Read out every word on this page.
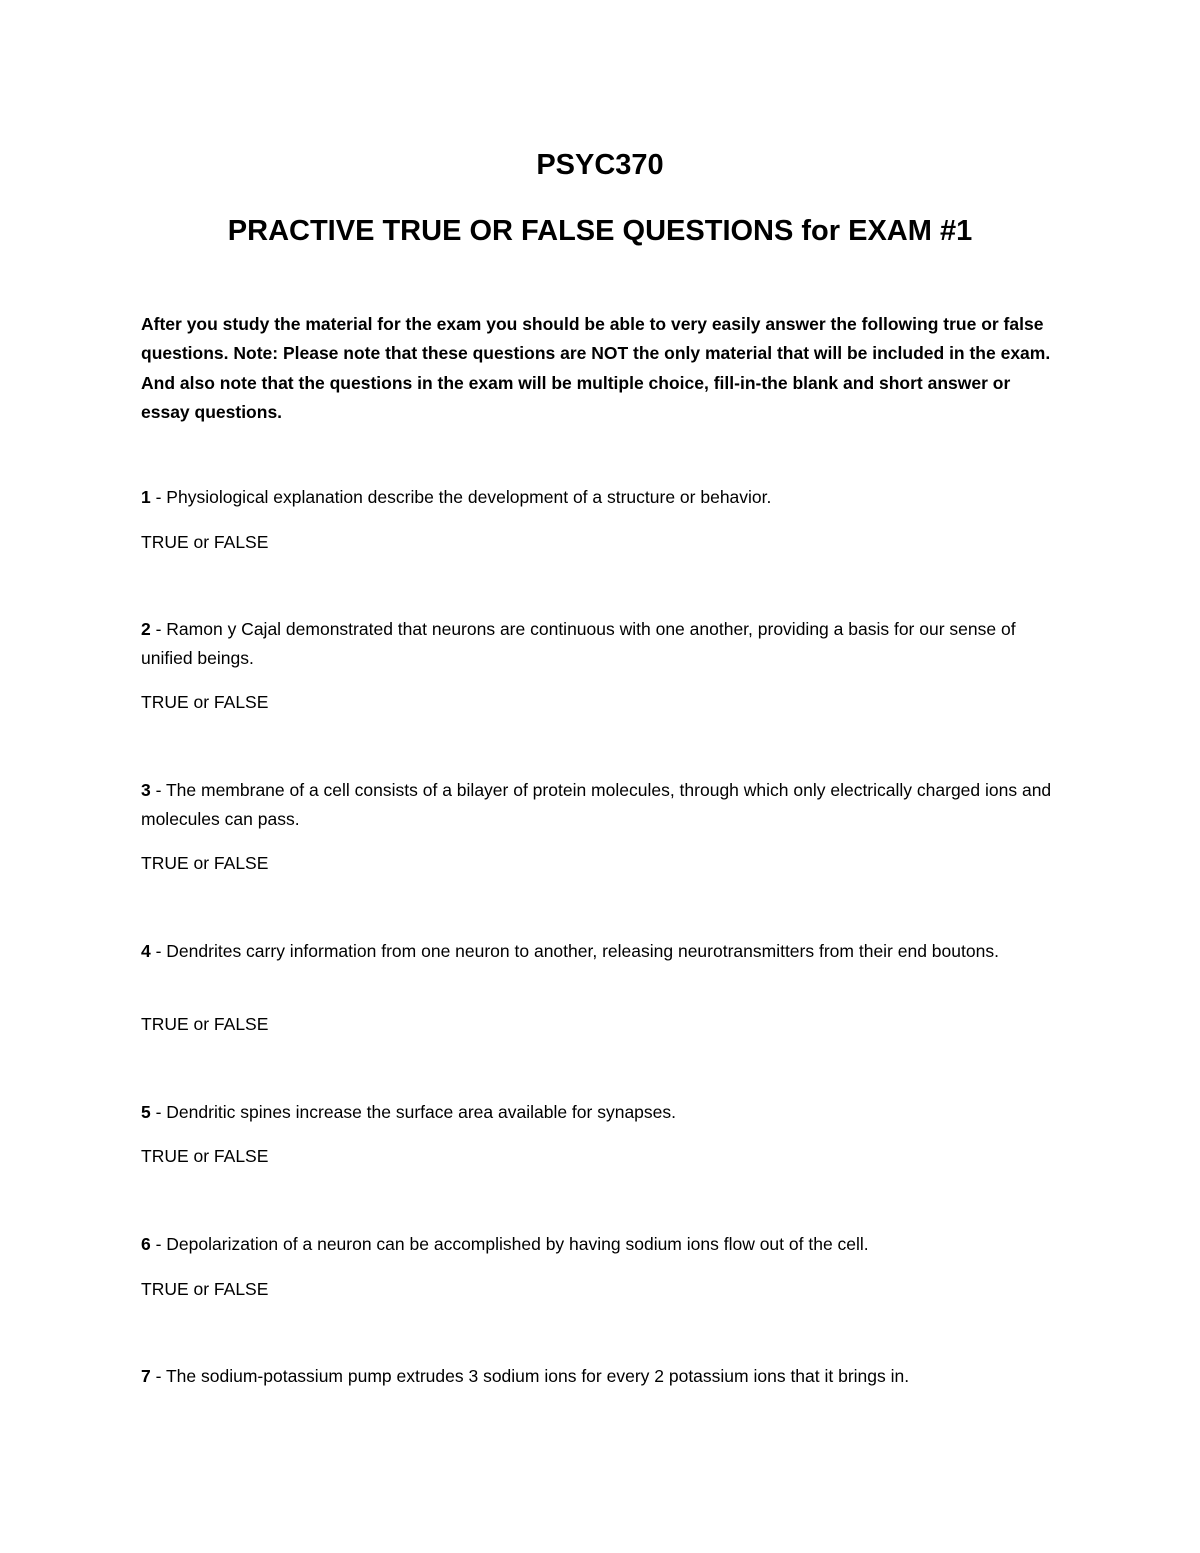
PSYC370
PRACTIVE TRUE OR FALSE QUESTIONS for EXAM #1

After you study the material for the exam you should be able to very easily answer the following true or false questions. Note: Please note that these questions are NOT the only material that will be included in the exam. And also note that the questions in the exam will be multiple choice, fill-in-the blank and short answer or essay questions.

1 - Physiological explanation describe the development of a structure or behavior.

TRUE or FALSE

2 - Ramon y Cajal demonstrated that neurons are continuous with one another, providing a basis for our sense of unified beings.

TRUE or FALSE

3 - The membrane of a cell consists of a bilayer of protein molecules, through which only electrically charged ions and molecules can pass.

TRUE or FALSE

4 - Dendrites carry information from one neuron to another, releasing neurotransmitters from their end boutons.

TRUE or FALSE

5 - Dendritic spines increase the surface area available for synapses.

TRUE or FALSE

6 - Depolarization of a neuron can be accomplished by having sodium ions flow out of the cell.

TRUE or FALSE

7 - The sodium-potassium pump extrudes 3 sodium ions for every 2 potassium ions that it brings in.
